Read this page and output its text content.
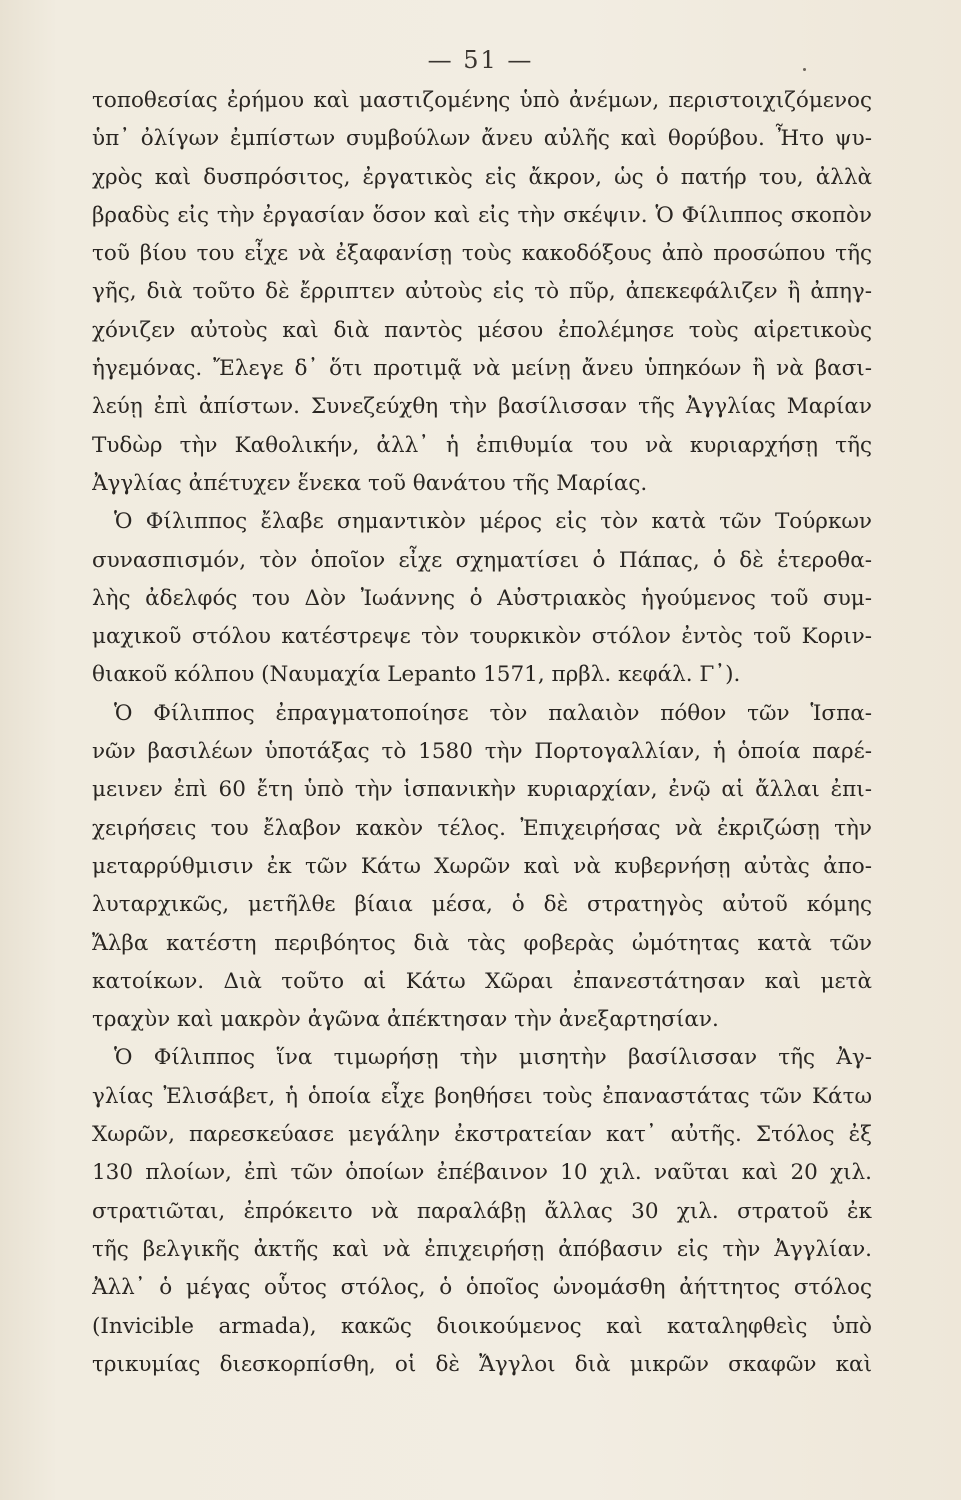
— 51 —
τοποθεσίας ἐρήμου καὶ μαστιζομένης ὑπὸ ἀνέμων, περιστοιχιζόμενος
ὑπ᾽ ὀλίγων ἐμπίστων συμβούλων ἄνευ αὐλῆς καὶ θορύβου. Ἦτο ψυ-
χρὸς καὶ δυσπρόσιτος, ἐργατικὸς εἰς ἄκρον, ὡς ὁ πατήρ του, ἀλλὰ
βραδὺς εἰς τὴν ἐργασίαν ὅσον καὶ εἰς τὴν σκέψιν. Ὁ Φίλιππος σκοπὸν
τοῦ βίου του εἶχε νὰ ἐξαφανίσῃ τοὺς κακοδόξους ἀπὸ προσώπου τῆς
γῆς, διὰ τοῦτο δὲ ἔρριπτεν αὐτοὺς εἰς τὸ πῦρ, ἀπεκεφάλιζεν ἢ ἀπηγ-
χόνιζεν αὐτοὺς καὶ διὰ παντὸς μέσου ἐπολέμησε τοὺς αἱρετικοὺς
ἡγεμόνας. Ἔλεγε δ᾽ ὅτι προτιμᾷ νὰ μείνῃ ἄνευ ὑπηκόων ἢ νὰ βασι-
λεύῃ ἐπὶ ἀπίστων. Συνεζεύχθη τὴν βασίλισσαν τῆς Ἀγγλίας Μαρίαν
Τυδὼρ τὴν Καθολικήν, ἀλλ᾽ ἡ ἐπιθυμία του νὰ κυριαρχήσῃ τῆς
Ἀγγλίας ἀπέτυχεν ἕνεκα τοῦ θανάτου τῆς Μαρίας.
Ὁ Φίλιππος ἔλαβε σημαντικὸν μέρος εἰς τὸν κατὰ τῶν Τούρκων
συνασπισμόν, τὸν ὁποῖον εἶχε σχηματίσει ὁ Πάπας, ὁ δὲ ἑτεροθα-
λὴς ἀδελφός του Δὸν Ἰωάννης ὁ Αὐστριακὸς ἡγούμενος τοῦ συμ-
μαχικοῦ στόλου κατέστρεψε τὸν τουρκικὸν στόλον ἐντὸς τοῦ Κοριν-
θιακοῦ κόλπου (Ναυμαχία Lepanto 1571, πρβλ. κεφάλ. Γ᾽).
Ὁ Φίλιππος ἐπραγματοποίησε τὸν παλαιὸν πόθον τῶν Ἱσπα-
νῶν βασιλέων ὑποτάξας τὸ 1580 τὴν Πορτογαλλίαν, ἡ ὁποία παρέ-
μεινεν ἐπὶ 60 ἔτη ὑπὸ τὴν ἱσπανικὴν κυριαρχίαν, ἐνῷ αἱ ἄλλαι ἐπι-
χειρήσεις του ἔλαβον κακὸν τέλος. Ἐπιχειρήσας νὰ ἐκριζώσῃ τὴν
μεταρρύθμισιν ἐκ τῶν Κάτω Χωρῶν καὶ νὰ κυβερνήσῃ αὐτὰς ἀπο-
λυταρχικῶς, μετῆλθε βίαια μέσα, ὁ δὲ στρατηγὸς αὐτοῦ κόμης
Ἄλβα κατέστη περιβόητος διὰ τὰς φοβερὰς ὠμότητας κατὰ τῶν
κατοίκων. Διὰ τοῦτο αἱ Κάτω Χῶραι ἐπανεστάτησαν καὶ μετὰ
τραχὺν καὶ μακρὸν ἀγῶνα ἀπέκτησαν τὴν ἀνεξαρτησίαν.
Ὁ Φίλιππος ἵνα τιμωρήσῃ τὴν μισητὴν βασίλισσαν τῆς Ἀγ-
γλίας Ἐλισάβετ, ἡ ὁποία εἶχε βοηθήσει τοὺς ἐπαναστάτας τῶν Κάτω
Χωρῶν, παρεσκεύασε μεγάλην ἐκστρατείαν κατ᾽ αὐτῆς. Στόλος ἐξ
130 πλοίων, ἐπὶ τῶν ὁποίων ἐπέβαινον 10 χιλ. ναῦται καὶ 20 χιλ.
στρατιῶται, ἐπρόκειτο νὰ παραλάβῃ ἄλλας 30 χιλ. στρατοῦ ἐκ
τῆς βελγικῆς ἀκτῆς καὶ νὰ ἐπιχειρήσῃ ἀπόβασιν εἰς τὴν Ἀγγλίαν.
Ἀλλ᾽ ὁ μέγας οὗτος στόλος, ὁ ὁποῖος ὠνομάσθη ἀήττητος στόλος
(Invicible armada), κακῶς διοικούμενος καὶ καταληφθεὶς ὑπὸ
τρικυμίας διεσκορπίσθη, οἱ δὲ Ἄγγλοι διὰ μικρῶν σκαφῶν καὶ
